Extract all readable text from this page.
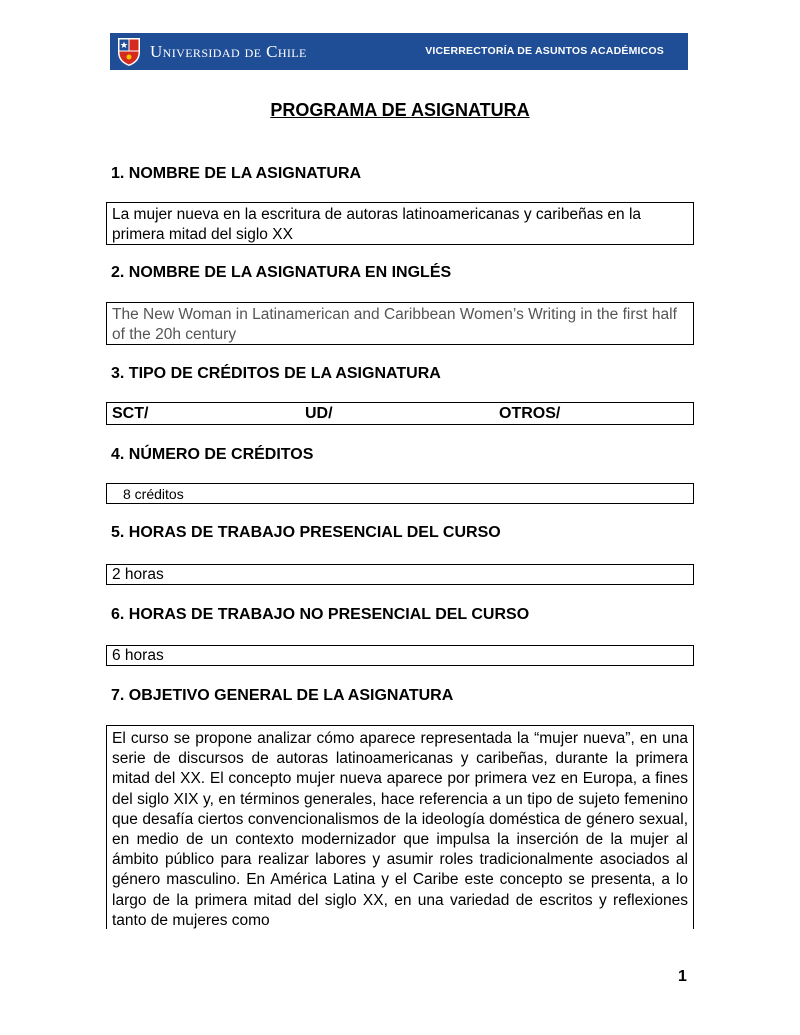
Universidad de Chile	VICERRECTORÍA DE ASUNTOS ACADÉMICOS
PROGRAMA DE ASIGNATURA
1. NOMBRE DE LA ASIGNATURA
La mujer nueva en la escritura de autoras latinoamericanas y caribeñas en la primera mitad del siglo XX
2. NOMBRE DE LA ASIGNATURA EN INGLÉS
The New Woman in Latinamerican and Caribbean Women’s Writing in the first half of the 20h century
3. TIPO DE CRÉDITOS DE LA ASIGNATURA
SCT/	UD/	OTROS/
4. NÚMERO DE CRÉDITOS
8 créditos
5. HORAS DE TRABAJO PRESENCIAL DEL CURSO
2 horas
6. HORAS DE TRABAJO NO PRESENCIAL DEL CURSO
6 horas
7. OBJETIVO GENERAL DE LA ASIGNATURA
El curso se propone analizar cómo aparece representada la “mujer nueva”, en una serie de discursos de autoras latinoamericanas y caribeñas, durante la primera mitad del XX. El concepto mujer nueva aparece por primera vez en Europa, a fines del siglo XIX y, en términos generales, hace referencia a un tipo de sujeto femenino que desafía ciertos convencionalismos de la ideología doméstica de género sexual, en medio de un contexto modernizador que impulsa la inserción de la mujer al ámbito público para realizar labores y asumir roles tradicionalmente asociados al género masculino. En América Latina y el Caribe este concepto se presenta, a lo largo de la primera mitad del siglo XX, en una variedad de escritos y reflexiones tanto de mujeres como
1
